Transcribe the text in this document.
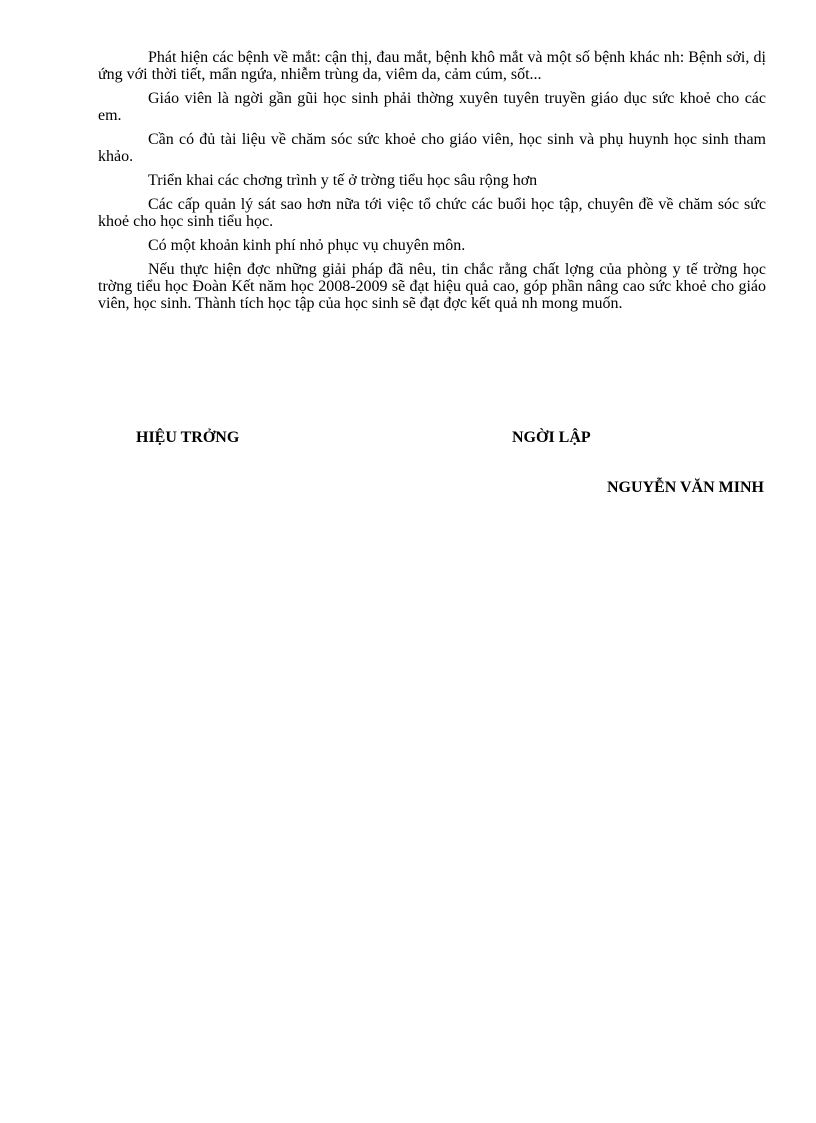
Phát hiện các bệnh về mắt: cận thị, đau mắt, bệnh khô mắt và một số bệnh khác nh: Bệnh sởi, dị ứng với thời tiết, mẩn ngứa, nhiễm trùng da, viêm da, cảm cúm, sốt...

Giáo viên là ngời gần gũi học sinh phải thờng xuyên tuyên truyền giáo dục sức khoẻ cho các em.

Cần có đủ tài liệu về chăm sóc sức khoẻ cho giáo viên, học sinh và phụ huynh học sinh tham khảo.

Triển khai các chơng trình y tế ở trờng tiểu học sâu rộng hơn

Các cấp quản lý sát sao hơn nữa tới việc tổ chức các buổi học tập, chuyên đề về chăm sóc sức khoẻ cho học sinh tiểu học.

Có một khoản kinh phí nhỏ phục vụ chuyên môn.

Nếu thực hiện đợc những giải pháp đã nêu, tin chắc rằng chất lợng của phòng y tế trờng học trờng tiểu học Đoàn Kết năm học 2008-2009 sẽ đạt hiệu quả cao, góp phần nâng cao sức khoẻ cho giáo viên, học sinh. Thành tích học tập của học sinh sẽ đạt đợc kết quả nh mong muốn.

HIỆU TRỞNG	NGỜI LẬP
NGUYỄN VĂN MINH
